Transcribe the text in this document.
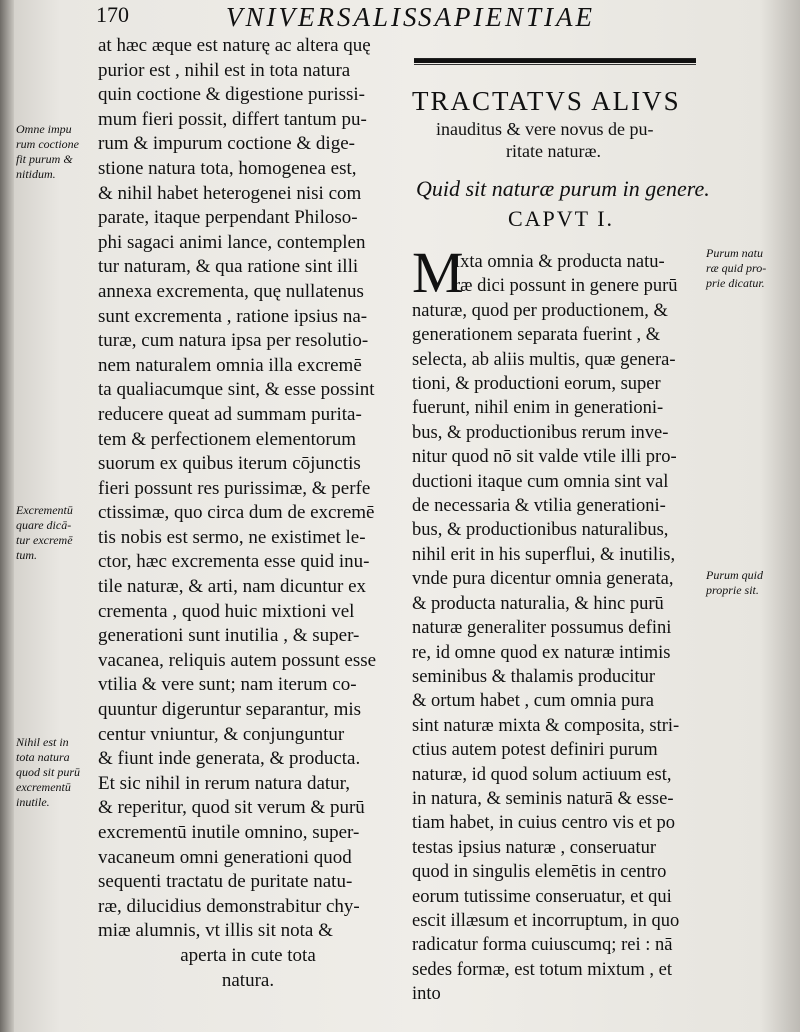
170	VNIVERSALIS
SAPIENTIAE
at hæc æque est naturę ac altera quę
purior est , nihil est in tota natura
quin coctione & digestione purissi-
mum fieri possit, differt tantum pu-
rum & impurum coctione & dige-
stione natura tota, homogenea est,
& nihil habet heterogenei nisi com
parate, itaque perpendant Philoso-
phi sagaci animi lance, contemplen
tur naturam, & qua ratione sint illi
annexa excrementa, quę nullatenus
sunt excrementa , ratione ipsius na-
turæ, cum natura ipsa per resolutio-
nem naturalem omnia illa excremē
ta qualiacumque sint, & esse possint
reducere queat ad summam purita-
tem & perfectionem elementorum
suorum ex quibus iterum cōjunctis
fieri possunt res purissimæ, & perfe
ctissimæ, quo circa dum de excremē
tis nobis est sermo, ne existimet le-
ctor, hæc excrementa esse quid inu-
tile naturæ, & arti, nam dicuntur ex
crementa , quod huic mixtioni vel
generationi sunt inutilia , & super-
vacanea, reliquis autem possunt esse
vtilia & vere sunt; nam iterum co-
quuntur digeruntur separantur, mis
centur vniuntur, & conjunguntur
& fiunt inde generata, & producta.
Et sic nihil in rerum natura datur,
& reperitur, quod sit verum & purū
excrementū inutile omnino, super-
vacaneum omni generationi quod
sequenti tractatu de puritate natu-
ræ, dilucidius demonstrabitur chy-
miæ alumnis, vt illis sit nota &
aperta in cute tota
natura.
TRACTATVS ALIVS
inauditus & vere novus de pu-
ritate naturæ.
Quid sit naturæ purum in genere.
CAPVT I.
M
Ixta omnia & producta natu-
ræ dici possunt in genere purū
naturæ, quod per productionem, &
generationem separata fuerint , &
selecta, ab aliis multis, quæ genera-
tioni, & productioni eorum, super
fuerunt, nihil enim in generationi-
bus, & productionibus rerum inve-
nitur quod nō sit valde vtile illi pro-
ductioni itaque cum omnia sint val
de necessaria & vtilia generationi-
bus, & productionibus naturalibus,
nihil erit in his superflui, & inutilis,
vnde pura dicentur omnia generata,
& producta naturalia, & hinc purū
naturæ generaliter possumus defini
re, id omne quod ex naturæ intimis
seminibus & thalamis producitur
& ortum habet , cum omnia pura
sint naturæ mixta & composita, stri-
ctius autem potest definiri purum
naturæ, id quod solum actiuum est,
in natura, & seminis naturā & esse-
tiam habet, in cuius centro vis et po
testas ipsius naturæ , conseruatur
quod in singulis elemētis in centro
eorum tutissime conseruatur, et qui
escit illæsum et incorruptum, in quo
radicatur forma cuiuscumq; rei : nā
sedes formæ, est totum mixtum , et
into
Omne impu
rum coctione
fit purum &
nitidum.
Excrementū
quare dicā-
tur excremē
tum.
Nihil est in
tota natura
quod sit purū
excrementū
inutile.
Purum natu
ræ quid pro-
prie dicatur.
Purum quid
proprie sit.
